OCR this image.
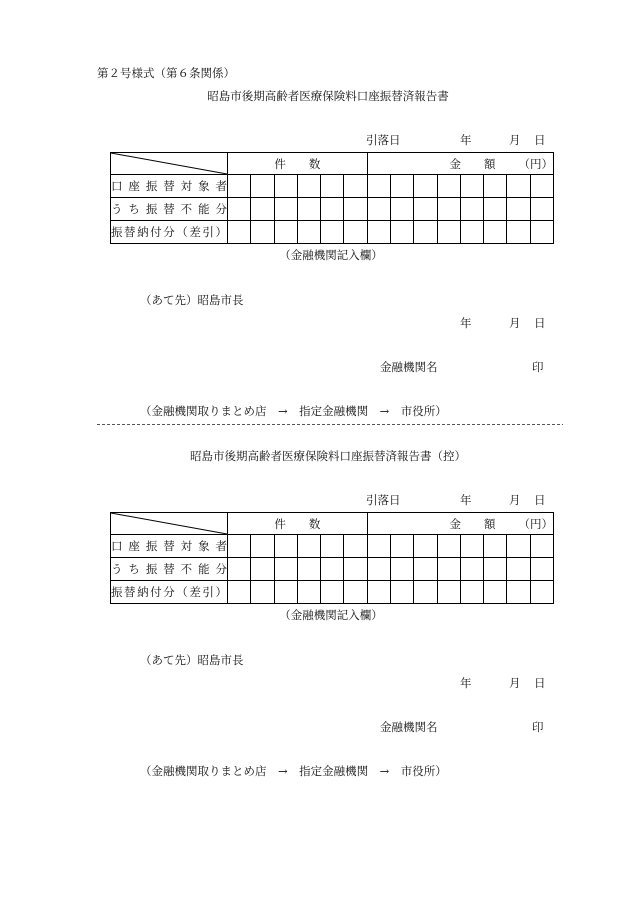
第２号様式（第６条関係）
昭島市後期高齢者医療保険料口座振替済報告書
引落日	年	月 日
	件　　数						金　　額 （円）							
口 座 振 替 対 象 者														
う ち 振 替 不 能 分														
振替納付分（差引）														
（金融機関記入欄）
（あて先）昭島市長
年	月 日
金融機関名	印
（金融機関取りまとめ店　→　指定金融機関　→　市役所）
昭島市後期高齢者医療保険料口座振替済報告書（控）
引落日	年	月 日
	件　　数						金　　額 （円）							
口 座 振 替 対 象 者														
う ち 振 替 不 能 分														
振替納付分（差引）														
（金融機関記入欄）
（あて先）昭島市長
年	月 日
金融機関名	印
（金融機関取りまとめ店　→　指定金融機関　→　市役所）
